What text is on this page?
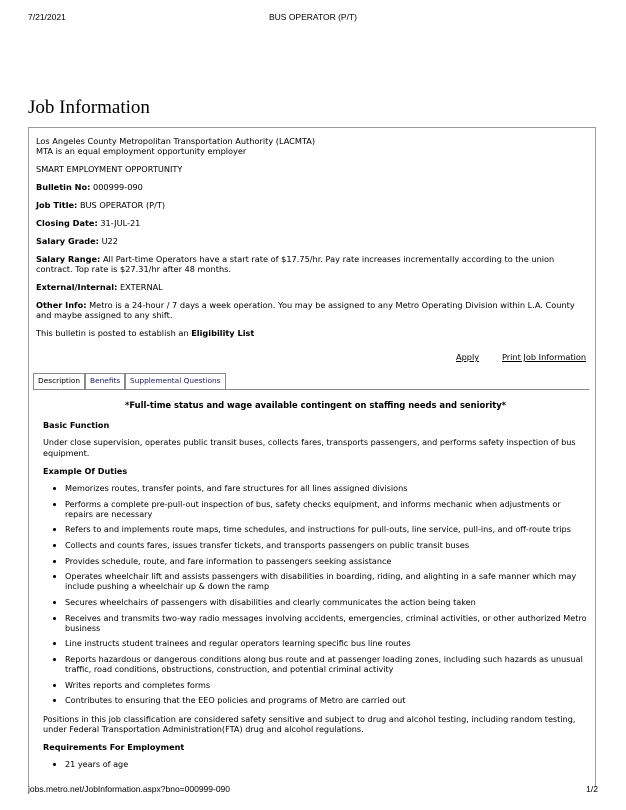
7/21/2021	BUS OPERATOR (P/T)
Job Information

Los Angeles County Metropolitan Transportation Authority (LACMTA)

MTA is an equal employment opportunity employer

SMART EMPLOYMENT OPPORTUNITY

Bulletin No: 000999-090

Job Title: BUS OPERATOR (P/T)

Closing Date: 31-JUL-21

Salary Grade: U22

Salary Range: All Part-time Operators have a start rate of $17.75/hr. Pay rate increases incrementally according to the union contract. Top rate is $27.31/hr after 48 months.

External/Internal: EXTERNAL

Other Info: Metro is a 24-hour / 7 days a week operation. You may be assigned to any Metro Operating Division within L.A. County and maybe assigned to any shift.

This bulletin is posted to establish an Eligibility List

Apply	Print Job Information
Description	Benefits	Supplemental Questions

*Full-time status and wage available contingent on staffing needs and seniority*

Basic Function

Under close supervision, operates public transit buses, collects fares, transports passengers, and performs safety inspection of bus equipment.

Example Of Duties

• Memorizes routes, transfer points, and fare structures for all lines assigned divisions
• Performs a complete pre-pull-out inspection of bus, safety checks equipment, and informs mechanic when adjustments or repairs are necessary
• Refers to and implements route maps, time schedules, and instructions for pull-outs, line service, pull-ins, and off-route trips
• Collects and counts fares, issues transfer tickets, and transports passengers on public transit buses
• Provides schedule, route, and fare information to passengers seeking assistance
• Operates wheelchair lift and assists passengers with disabilities in boarding, riding, and alighting in a safe manner which may include pushing a wheelchair up & down the ramp
• Secures wheelchairs of passengers with disabilities and clearly communicates the action being taken
• Receives and transmits two-way radio messages involving accidents, emergencies, criminal activities, or other authorized Metro business
• Line instructs student trainees and regular operators learning specific bus line routes
• Reports hazardous or dangerous conditions along bus route and at passenger loading zones, including such hazards as unusual traffic, road conditions, obstructions, construction, and potential criminal activity
• Writes reports and completes forms
• Contributes to ensuring that the EEO policies and programs of Metro are carried out

Positions in this job classification are considered safety sensitive and subject to drug and alcohol testing, including random testing, under Federal Transportation Administration(FTA) drug and alcohol regulations.

Requirements For Employment

• 21 years of age
jobs.metro.net/JobInformation.aspx?bno=000999-090	1/2
